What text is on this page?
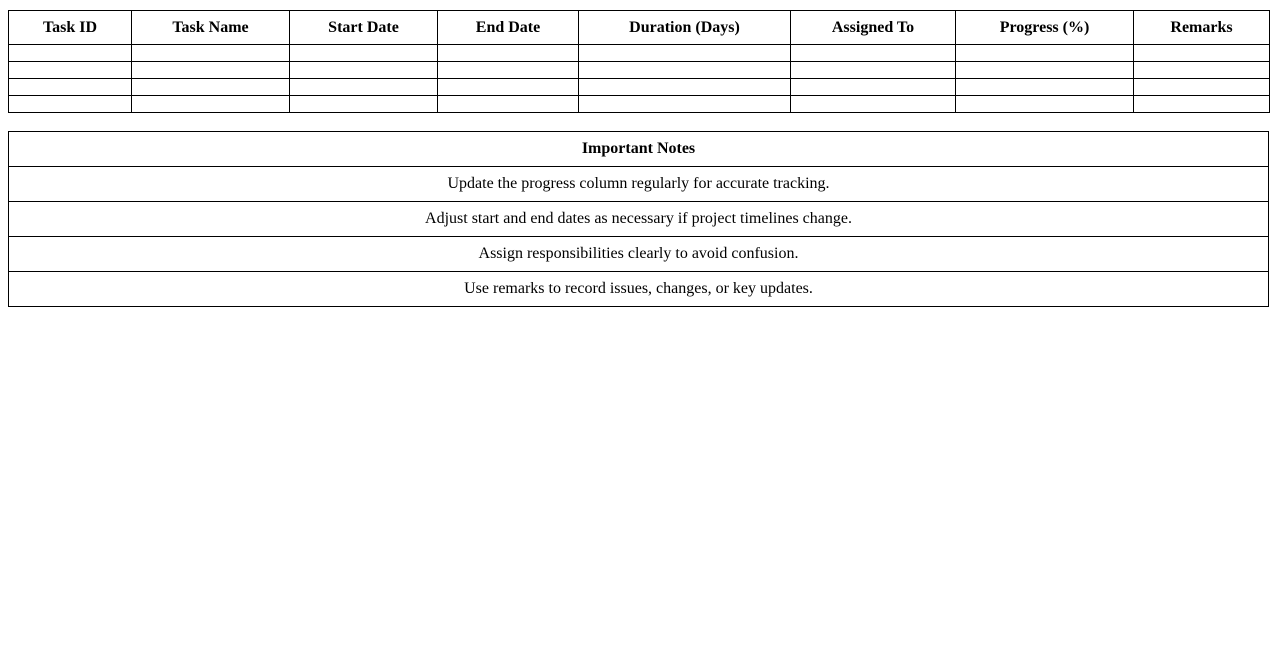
Task ID	Task Name	Start Date	End Date	Duration (Days)	Assigned To	Progress (%)	Remarks

Important Notes
Update the progress column regularly for accurate tracking.
Adjust start and end dates as necessary if project timelines change.
Assign responsibilities clearly to avoid confusion.
Use remarks to record issues, changes, or key updates.
